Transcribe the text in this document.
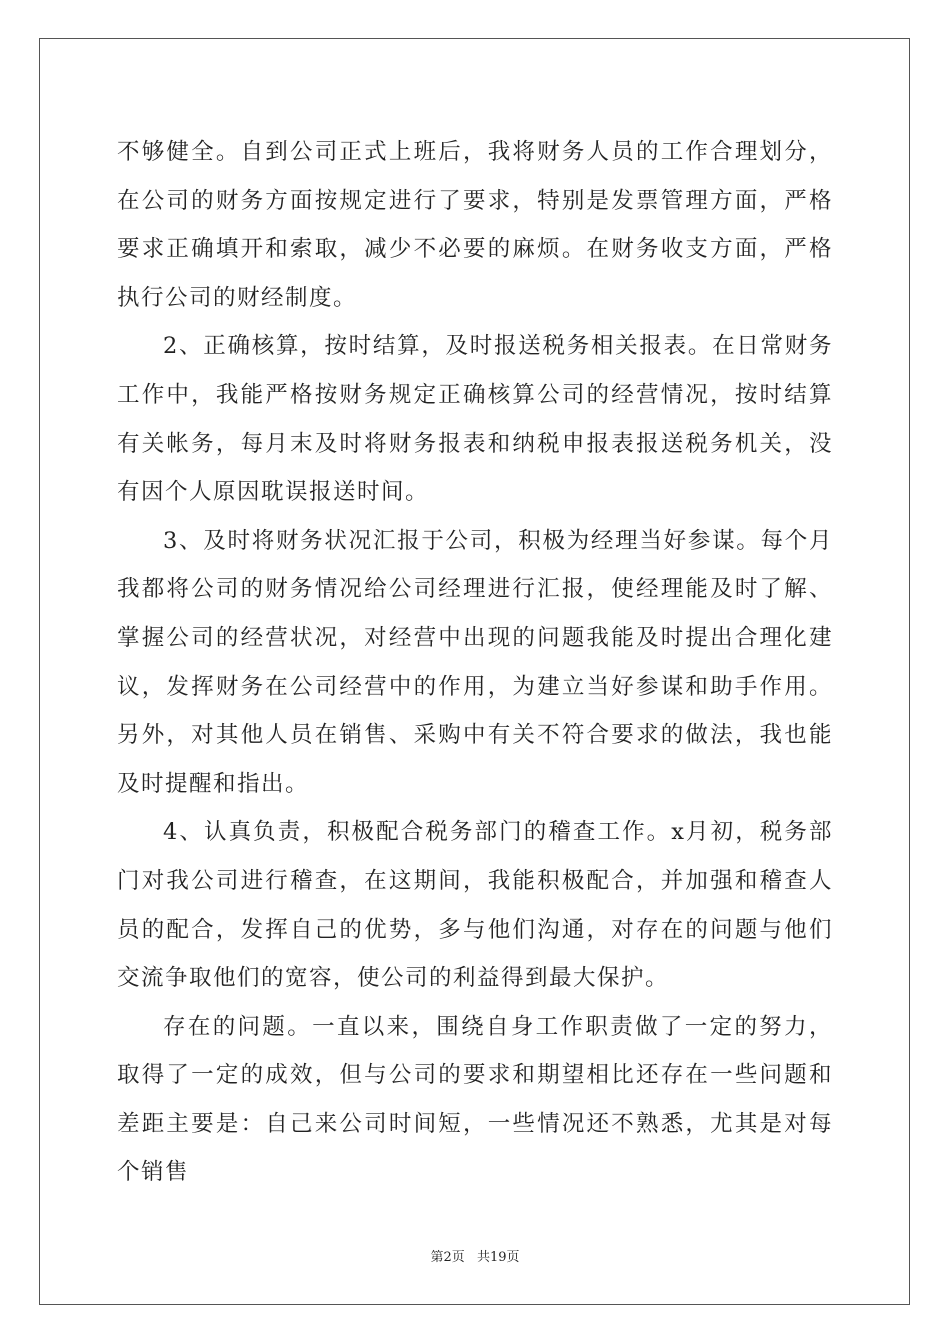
不够健全。自到公司正式上班后，我将财务人员的工作合理划分，在公司的财务方面按规定进行了要求，特别是发票管理方面，严格要求正确填开和索取，减少不必要的麻烦。在财务收支方面，严格执行公司的财经制度。

2、正确核算，按时结算，及时报送税务相关报表。在日常财务工作中，我能严格按财务规定正确核算公司的经营情况，按时结算有关帐务，每月末及时将财务报表和纳税申报表报送税务机关，没有因个人原因耽误报送时间。

3、及时将财务状况汇报于公司，积极为经理当好参谋。每个月我都将公司的财务情况给公司经理进行汇报，使经理能及时了解、掌握公司的经营状况，对经营中出现的问题我能及时提出合理化建议，发挥财务在公司经营中的作用，为建立当好参谋和助手作用。另外，对其他人员在销售、采购中有关不符合要求的做法，我也能及时提醒和指出。

4、认真负责，积极配合税务部门的稽查工作。x月初，税务部门对我公司进行稽查，在这期间，我能积极配合，并加强和稽查人员的配合，发挥自己的优势，多与他们沟通，对存在的问题与他们交流争取他们的宽容，使公司的利益得到最大保护。

存在的问题。一直以来，围绕自身工作职责做了一定的努力，取得了一定的成效，但与公司的要求和期望相比还存在一些问题和差距主要是：自己来公司时间短，一些情况还不熟悉，尤其是对每个销售

第2页 共19页
